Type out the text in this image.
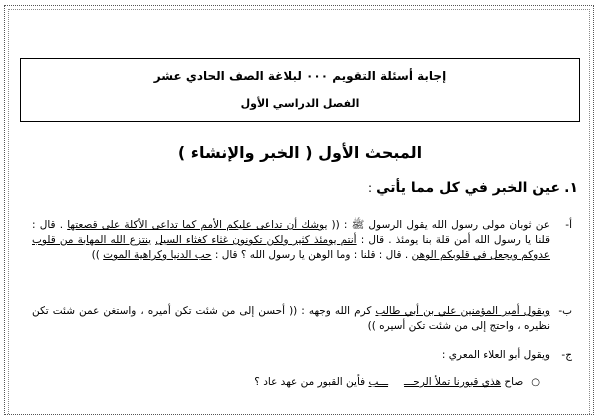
إجابة أسئلة التقويم ٠٠٠ لبلاغة الصف الحادي عشر
الفصل الدراسي الأول
المبحث الأول ( الخبر والإنشاء )
١.عين الخبر في كل مما يأتي:
أ-
عن ثوبان مولى رسول الله يقول الرسول ﷺ : (( يوشك أن تداعى عليكم الأمم كما تداعى الأكلة على قصعتها . قال : قلنا يا رسول الله أمن قلة بنا يومئذ . قال : أنتم يومئذ كثير ولكن تكونون غثاء كغثاء السيل ينتزع الله المهابة من قلوب عدوكم ويجعل في قلوبكم الوهن . قال : قلنا : وما الوهن يا رسول الله ؟ قال : حب الدنيا وكراهية الموت ))
ب-
ويقول أمير المؤمنين علي بن أبي طالب كرم الله وجهه : (( أحسن إلى من شئت تكن أميره ، واستغن عمن شئت تكن نظيره ، واحتج إلى من شئت تكن أسيره ))
ج-
ويقول أبو العلاء المعري :
○صاح هذي قبورنا تملأ الرحــــــب فأين القبور من عهد عاد ؟
